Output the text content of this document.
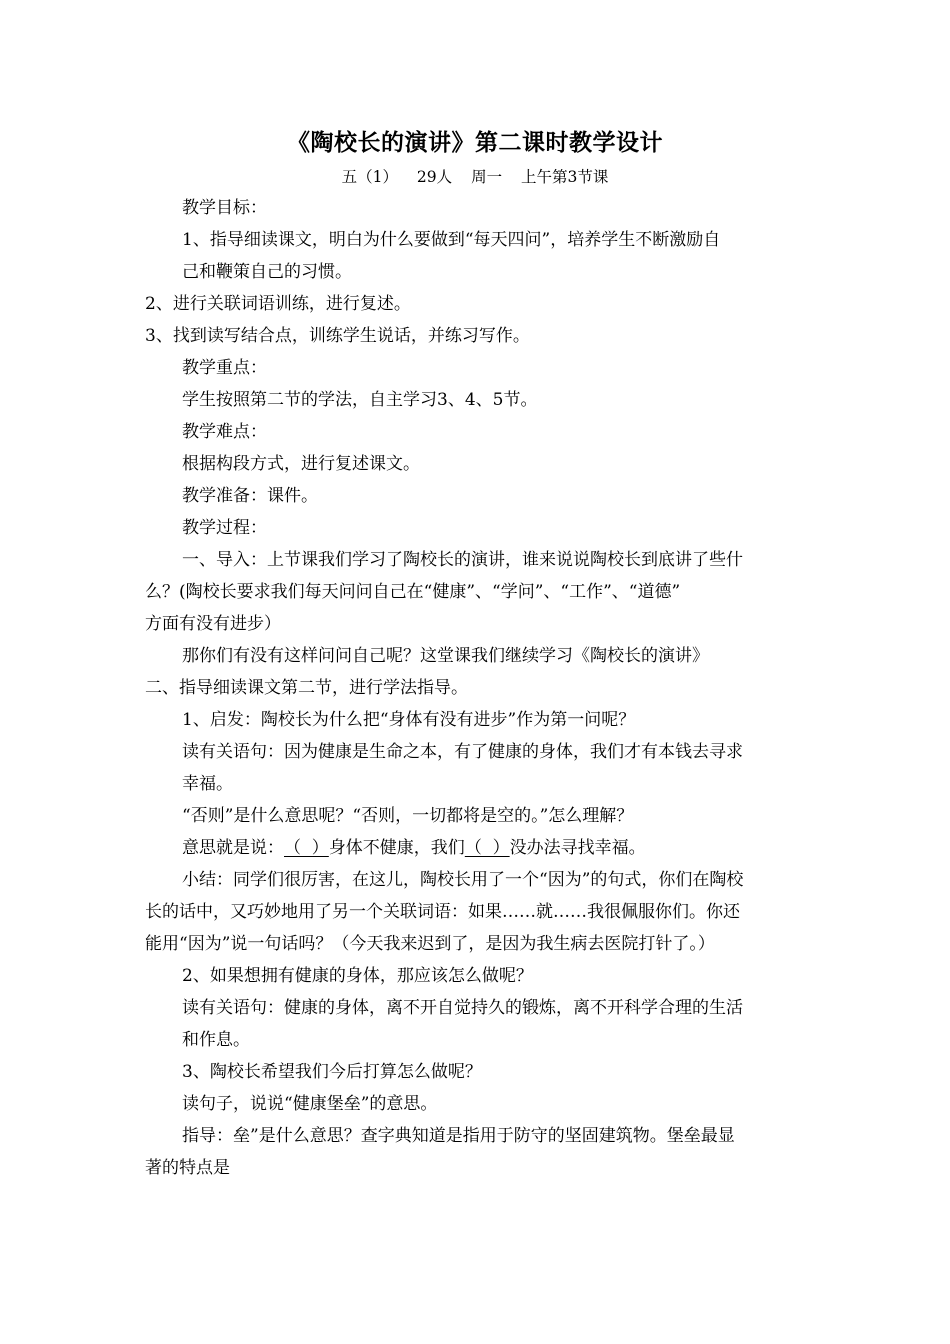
《陶校长的演讲》第二课时教学设计
五（1） 29人 周一 上午第3节课
教学目标：
1、指导细读课文，明白为什么要做到“每天四问”，培养学生不断激励自
己和鞭策自己的习惯。
2、进行关联词语训练，进行复述。
3、找到读写结合点，训练学生说话，并练习写作。
教学重点：
学生按照第二节的学法，自主学习3、4、5节。
教学难点：
根据构段方式，进行复述课文。
教学准备：课件。
教学过程：
一、导入：上节课我们学习了陶校长的演讲，谁来说说陶校长到底讲了些什
么？(陶校长要求我们每天问问自己在“健康”、“学问”、“工作”、“道德”
方面有没有进步）
那你们有没有这样问问自己呢？这堂课我们继续学习《陶校长的演讲》
二、指导细读课文第二节，进行学法指导。
1、启发：陶校长为什么把“身体有没有进步”作为第一问呢？
读有关语句：因为健康是生命之本，有了健康的身体，我们才有本钱去寻求
幸福。
“否则”是什么意思呢？“否则，一切都将是空的。”怎么理解？
意思就是说：（  ）身体不健康，我们（  ）没办法寻找幸福。
小结：同学们很厉害，在这儿，陶校长用了一个“因为”的句式，你们在陶校
长的话中，又巧妙地用了另一个关联词语：如果……就……我很佩服你们。你还
能用“因为”说一句话吗？（今天我来迟到了，是因为我生病去医院打针了。）
2、如果想拥有健康的身体，那应该怎么做呢？
读有关语句：健康的身体，离不开自觉持久的锻炼，离不开科学合理的生活
和作息。
3、陶校长希望我们今后打算怎么做呢？
读句子，说说“健康堡垒”的意思。
指导：垒”是什么意思？查字典知道是指用于防守的坚固建筑物。堡垒最显
著的特点是
